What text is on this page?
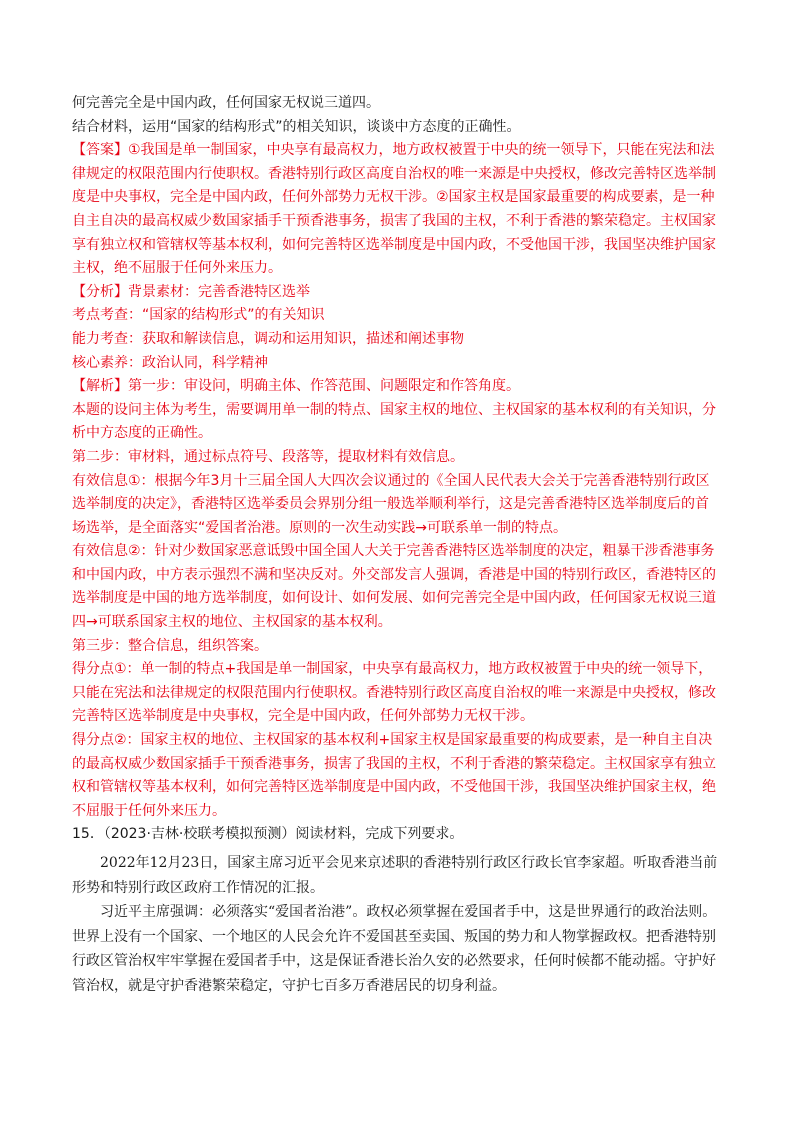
何完善完全是中国内政，任何国家无权说三道四。
结合材料，运用“国家的结构形式”的相关知识，谈谈中方态度的正确性。
【答案】①我国是单一制国家，中央享有最高权力，地方政权被置于中央的统一领导下，只能在宪法和法
律规定的权限范围内行使职权。香港特别行政区高度自治权的唯一来源是中央授权，修改完善特区选举制
度是中央事权，完全是中国内政，任何外部势力无权干涉。②国家主权是国家最重要的构成要素，是一种
自主自决的最高权威少数国家插手干预香港事务，损害了我国的主权，不利于香港的繁荣稳定。主权国家
享有独立权和管辖权等基本权利，如何完善特区选举制度是中国内政，不受他国干涉，我国坚决维护国家
主权，绝不屈服于任何外来压力。
【分析】背景素材：完善香港特区选举
考点考查：“国家的结构形式”的有关知识
能力考查：获取和解读信息，调动和运用知识，描述和阐述事物
核心素养：政治认同，科学精神
【解析】第一步：审设问，明确主体、作答范围、问题限定和作答角度。
本题的设问主体为考生，需要调用单一制的特点、国家主权的地位、主权国家的基本权利的有关知识，分
析中方态度的正确性。
第二步：审材料，通过标点符号、段落等，提取材料有效信息。
有效信息①：根据今年3月十三届全国人大四次会议通过的《全国人民代表大会关于完善香港特别行政区
选举制度的决定》，香港特区选举委员会界别分组一般选举顺利举行，这是完善香港特区选举制度后的首
场选举，是全面落实“爱国者治港。原则的一次生动实践→可联系单一制的特点。
有效信息②：针对少数国家恶意诋毁中国全国人大关于完善香港特区选举制度的决定，粗暴干涉香港事务
和中国内政，中方表示强烈不满和坚决反对。外交部发言人强调，香港是中国的特别行政区，香港特区的
选举制度是中国的地方选举制度，如何设计、如何发展、如何完善完全是中国内政，任何国家无权说三道
四→可联系国家主权的地位、主权国家的基本权利。
第三步：整合信息，组织答案。
得分点①：单一制的特点+我国是单一制国家，中央享有最高权力，地方政权被置于中央的统一领导下，
只能在宪法和法律规定的权限范围内行使职权。香港特别行政区高度自治权的唯一来源是中央授权，修改
完善特区选举制度是中央事权，完全是中国内政，任何外部势力无权干涉。
得分点②：国家主权的地位、主权国家的基本权利+国家主权是国家最重要的构成要素，是一种自主自决
的最高权威少数国家插手干预香港事务，损害了我国的主权，不利于香港的繁荣稳定。主权国家享有独立
权和管辖权等基本权利，如何完善特区选举制度是中国内政，不受他国干涉，我国坚决维护国家主权，绝
不屈服于任何外来压力。
15．（2023·吉林·校联考模拟预测）阅读材料，完成下列要求。
2022年12月23日，国家主席习近平会见来京述职的香港特别行政区行政长官李家超。听取香港当前
形势和特别行政区政府工作情况的汇报。
习近平主席强调：必须落实“爱国者治港”。政权必须掌握在爱国者手中，这是世界通行的政治法则。
世界上没有一个国家、一个地区的人民会允许不爱国甚至卖国、叛国的势力和人物掌握政权。把香港特别
行政区管治权牢牢掌握在爱国者手中，这是保证香港长治久安的必然要求，任何时候都不能动摇。守护好
管治权，就是守护香港繁荣稳定，守护七百多万香港居民的切身利益。
